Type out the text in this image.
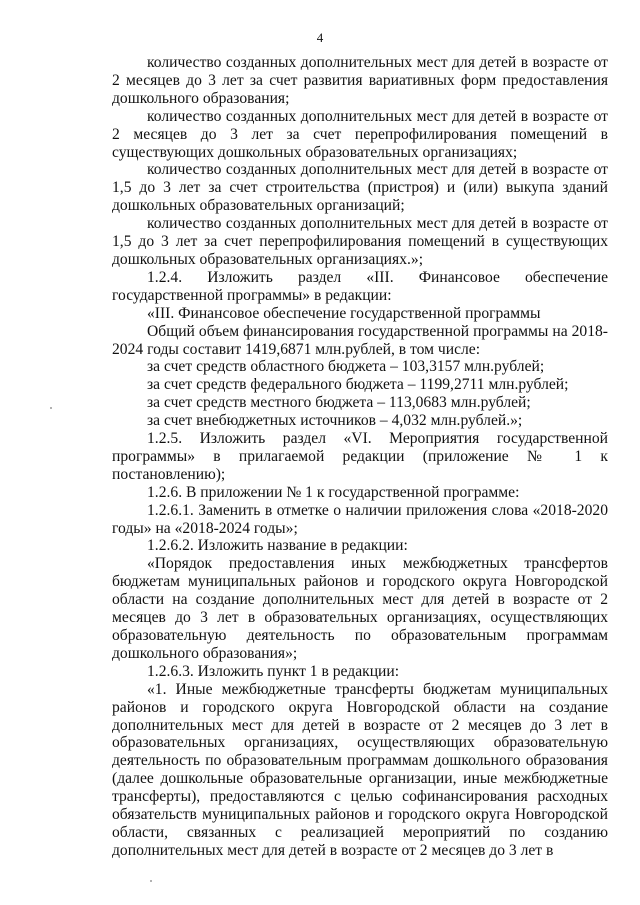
4

количество созданных дополнительных мест для детей в возрасте от 2 месяцев до 3 лет за счет развития вариативных форм предоставления дошкольного образования;

количество созданных дополнительных мест для детей в возрасте от 2 месяцев до 3 лет за счет перепрофилирования помещений в существующих дошкольных образовательных организациях;

количество созданных дополнительных мест для детей в возрасте от 1,5 до 3 лет за счет строительства (пристроя) и (или) выкупа зданий дошкольных образовательных организаций;

количество созданных дополнительных мест для детей в возрасте от 1,5 до 3 лет за счет перепрофилирования помещений в существующих дошкольных образовательных организациях.»;

1.2.4. Изложить раздел «III. Финансовое обеспечение государственной программы» в редакции:

«III. Финансовое обеспечение государственной программы

Общий объем финансирования государственной программы на 2018-2024 годы составит 1419,6871 млн.рублей, в том числе:

за счет средств областного бюджета – 103,3157 млн.рублей;

за счет средств федерального бюджета – 1199,2711 млн.рублей;

за счет средств местного бюджета – 113,0683 млн.рублей;

за счет внебюджетных источников – 4,032 млн.рублей.»;

1.2.5. Изложить раздел «VI. Мероприятия государственной программы» в прилагаемой редакции (приложение № 1 к постановлению);

1.2.6. В приложении № 1 к государственной программе:

1.2.6.1. Заменить в отметке о наличии приложения слова «2018-2020 годы» на «2018-2024 годы»;

1.2.6.2. Изложить название в редакции:

«Порядок предоставления иных межбюджетных трансфертов бюджетам муниципальных районов и городского округа Новгородской области на создание дополнительных мест для детей в возрасте от 2 месяцев до 3 лет в образовательных организациях, осуществляющих образовательную деятельность по образовательным программам дошкольного образования»;

1.2.6.3. Изложить пункт 1 в редакции:

«1. Иные межбюджетные трансферты бюджетам муниципальных районов и городского округа Новгородской области на создание дополнительных мест для детей в возрасте от 2 месяцев до 3 лет в образовательных организациях, осуществляющих образовательную деятельность по образовательным программам дошкольного образования (далее дошкольные образовательные организации, иные межбюджетные трансферты), предоставляются с целью софинансирования расходных обязательств муниципальных районов и городского округа Новгородской области, связанных с реализацией мероприятий по созданию дополнительных мест для детей в возрасте от 2 месяцев до 3 лет в
